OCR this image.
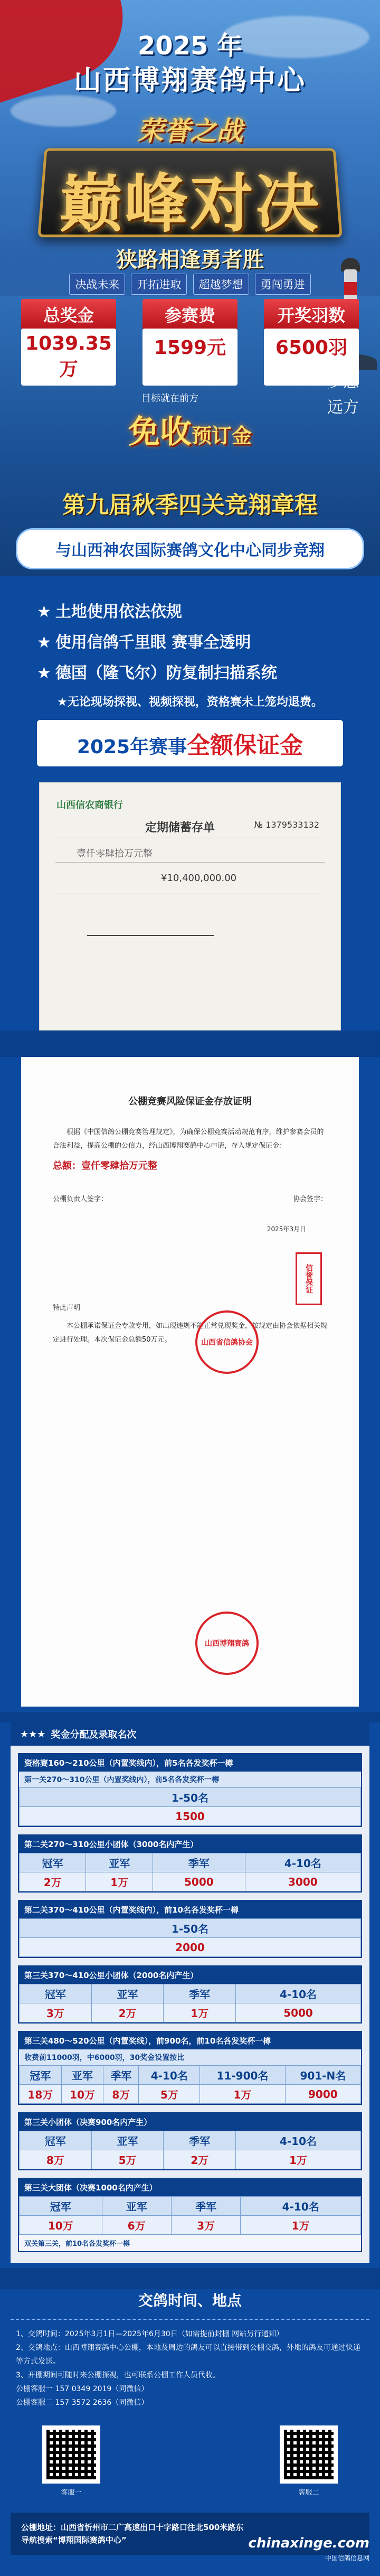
2025 年
山西博翔赛鸽中心
荣誉之战
巅峰对决
狭路相逢勇者胜
决战未来 开拓进取 超越梦想 勇闯勇进
总奖金	参赛费	开奖羽数
1039.35万
1599元	6500羽
目标就在前方
梦想
远方
免收预订金
第九届秋季四关竞翔章程
与山西神农国际赛鸽文化中心同步竞翔
★ 土地使用依法依规
★ 使用信鸽千里眼 赛事全透明
★ 德国（隆飞尔）防复制扫描系统
★无论现场探视、视频探视，资格赛未上笼均退费。
2025年赛事全额保证金
山西信农商银行
定期储蓄存单	№ 1379533132
壹仟零肆拾万元整
¥10,400,000.00
公棚竞赛风险保证金存放证明

根据《中国信鸽公棚竞赛管理规定》，为确保公棚竞赛活动规范有序，维护参赛会员的合法利益，提高公棚的公信力，经山西博翔赛鸽中心申请，存入规定保证金：

总额：壹仟零肆拾万元整
公棚负责人签字：	协会签字：
2025年3月日
山西省信鸽协会
信誉保证
特此声明

本公棚承诺保证金专款专用，如出现违规不能正常兑现奖金，按规定由协会依据相关规定进行处理。本次保证金总额50万元。

山西博翔赛鸽
★★★ 奖金分配及录取名次
资格赛160～210公里（内置奖线内），前5名各发奖杯一樽
第一关270～310公里（内置奖线内），前5名各发奖杯一樽
1-50名
1500
第二关270～310公里小团体（3000名内产生）
冠军	亚军	季军	4-10名
2万	1万	5000	3000
第二关370～410公里（内置奖线内），前10名各发奖杯一樽
1-50名
2000
第三关370～410公里小团体（2000名内产生）
冠军	亚军	季军	4-10名
3万	2万	1万	5000
第三关480～520公里（内置奖线），前900名，前10名各发奖杯一樽
收费前11000羽，中6000羽，30奖金设置按比
冠军	亚军	季军	4-10名	11-900名	901-N名
18万	10万	8万	5万	1万	9000
第三关小团体（决赛900名内产生）
冠军	亚军	季军	4-10名
8万	5万	2万	1万
第三关大团体（决赛1000名内产生）
冠军	亚军	季军	4-10名
10万	6万	3万	1万
双关第三关，前10名各发奖杯一樽
交鸽时间、地点
1、交鸽时间：2025年3月1日—2025年6月30日（如需提前封棚 网站另行通知）
2、交鸽地点：山西博翔赛鸽中心公棚，本地及周边的鸽友可以直接带到公棚交鸽，外地的鸽友可通过快递等方式发送。
3、开棚期间可随时来公棚探视，也可联系公棚工作人员代收。
公棚客服一 157 0349 2019（同微信）
公棚客服二 157 3572 2636（同微信）
客服一	客服二
公棚地址：山西省忻州市二广高速出口十字路口往北500米路东
导航搜索“博翔国际赛鸽中心”	chinaxinge.com
中国信鸽信息网
